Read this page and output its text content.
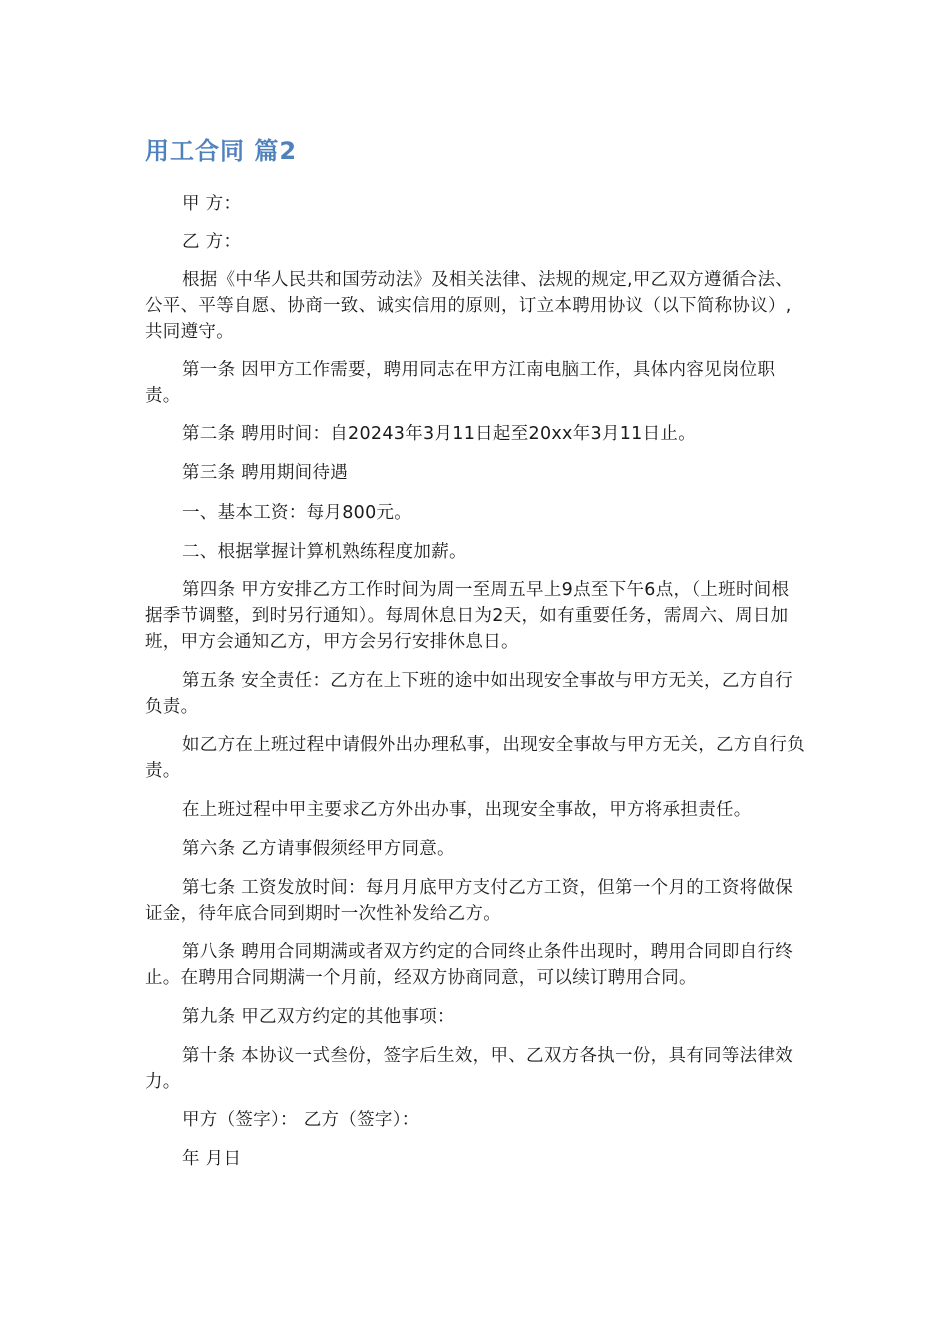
用工合同 篇2

甲 方：

乙 方：

根据《中华人民共和国劳动法》及相关法律、法规的规定,甲乙双方遵循合法、公平、平等自愿、协商一致、诚实信用的原则，订立本聘用协议（以下简称协议）,共同遵守。

第一条 因甲方工作需要，聘用同志在甲方江南电脑工作，具体内容见岗位职责。

第二条 聘用时间：自20243年3月11日起至20xx年3月11日止。

第三条 聘用期间待遇

一、基本工资：每月800元。

二、根据掌握计算机熟练程度加薪。

第四条 甲方安排乙方工作时间为周一至周五早上9点至下午6点，（上班时间根据季节调整，到时另行通知）。每周休息日为2天，如有重要任务，需周六、周日加班，甲方会通知乙方，甲方会另行安排休息日。

第五条 安全责任：乙方在上下班的途中如出现安全事故与甲方无关，乙方自行负责。

如乙方在上班过程中请假外出办理私事，出现安全事故与甲方无关，乙方自行负责。

在上班过程中甲主要求乙方外出办事，出现安全事故，甲方将承担责任。

第六条 乙方请事假须经甲方同意。

第七条 工资发放时间：每月月底甲方支付乙方工资，但第一个月的工资将做保证金，待年底合同到期时一次性补发给乙方。

第八条 聘用合同期满或者双方约定的合同终止条件出现时，聘用合同即自行终止。在聘用合同期满一个月前，经双方协商同意，可以续订聘用合同。

第九条 甲乙双方约定的其他事项：

第十条 本协议一式叁份，签字后生效，甲、乙双方各执一份，具有同等法律效力。

甲方（签字）： 乙方（签字）：

年 月日
